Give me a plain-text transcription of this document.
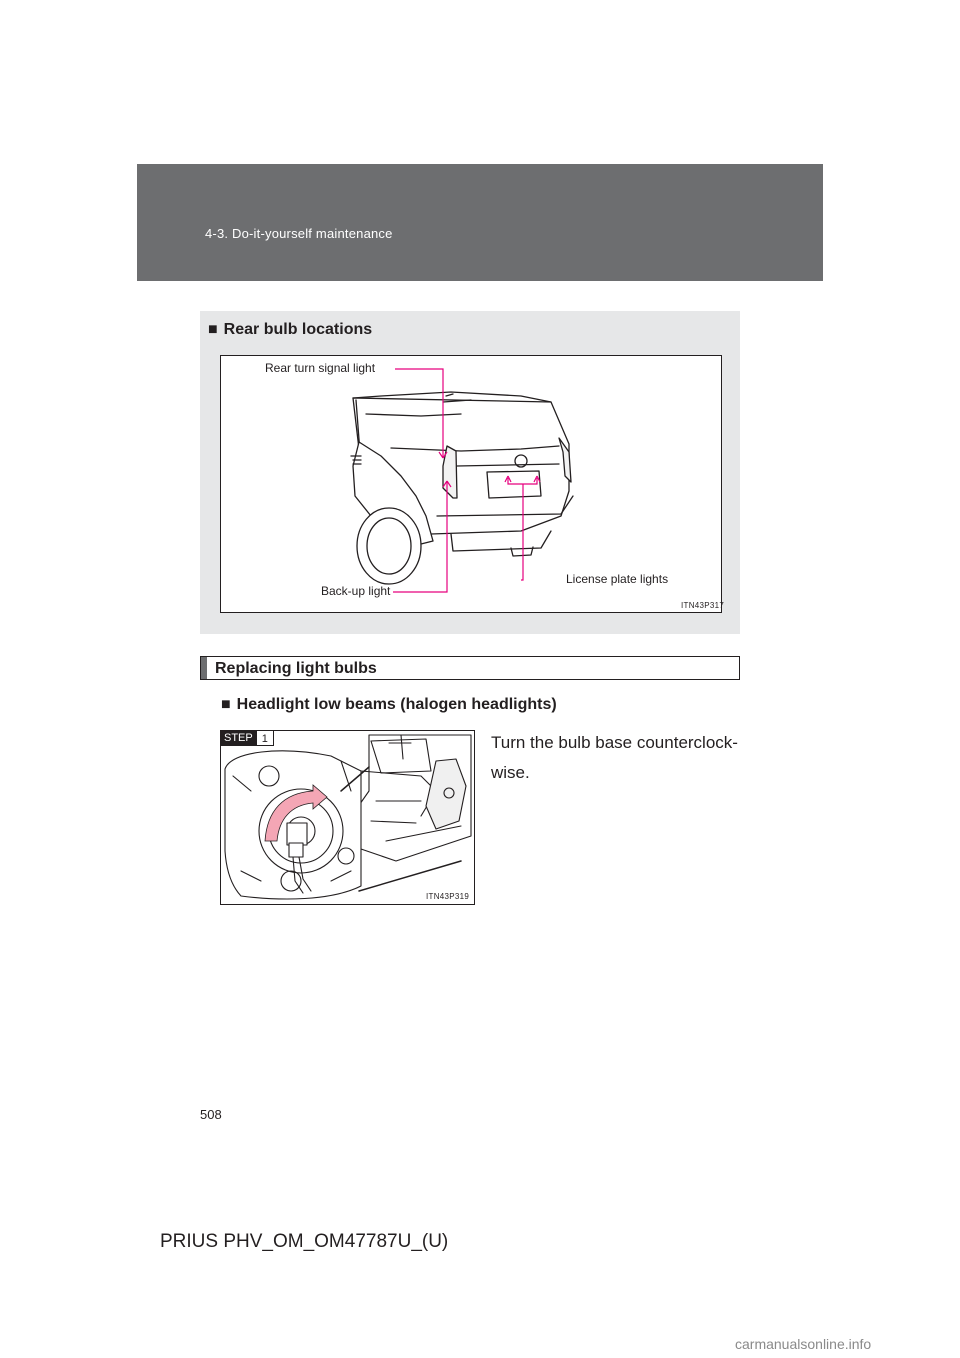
4-3. Do-it-yourself maintenance
■ Rear bulb locations
Rear turn signal light
Back-up light
License plate lights
ITN43P317
Replacing light bulbs
■ Headlight low beams (halogen headlights)
ITN43P319
STEP 1	Turn the bulb base counterclock-wise.
508
PRIUS PHV_OM_OM47787U_(U)
carmanualsonline.info
